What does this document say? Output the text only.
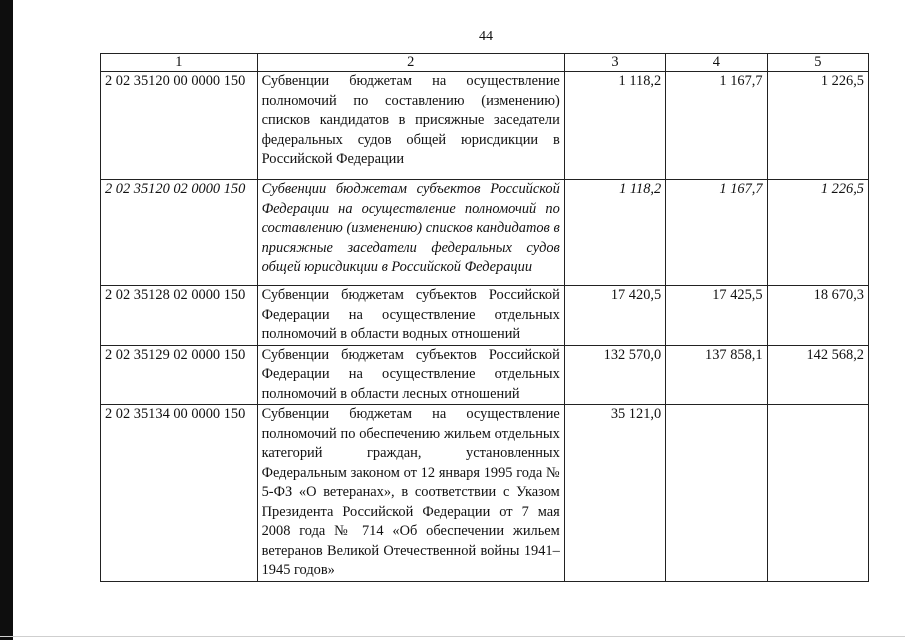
44
1	2	3	4	5
2 02 35120 00 0000 150	Субвенции бюджетам на осуществление полномочий по составлению (изменению) списков кандидатов в присяжные заседатели федеральных судов общей юрисдикции в Российской Федерации	1 118,2	1 167,7	1 226,5
2 02 35120 02 0000 150	Субвенции бюджетам субъектов Российской Федерации на осуществление полномочий по составлению (изменению) списков кандидатов в присяжные заседатели федеральных судов общей юрисдикции в Российской Федерации	1 118,2	1 167,7	1 226,5
2 02 35128 02 0000 150	Субвенции бюджетам субъектов Российской Федерации на осуществление отдельных полномочий в области водных отношений	17 420,5	17 425,5	18 670,3
2 02 35129 02 0000 150	Субвенции бюджетам субъектов Российской Федерации на осуществление отдельных полномочий в области лесных отношений	132 570,0	137 858,1	142 568,2
2 02 35134 00 0000 150	Субвенции бюджетам на осуществление полномочий по обеспечению жильем отдельных категорий граждан, установленных Федеральным законом от 12 января 1995 года № 5-ФЗ «О ветеранах», в соответствии с Указом Президента Российской Федерации от 7 мая 2008 года № 714 «Об обеспечении жильем ветеранов Великой Отечественной войны 1941–1945 годов»	35 121,0		
